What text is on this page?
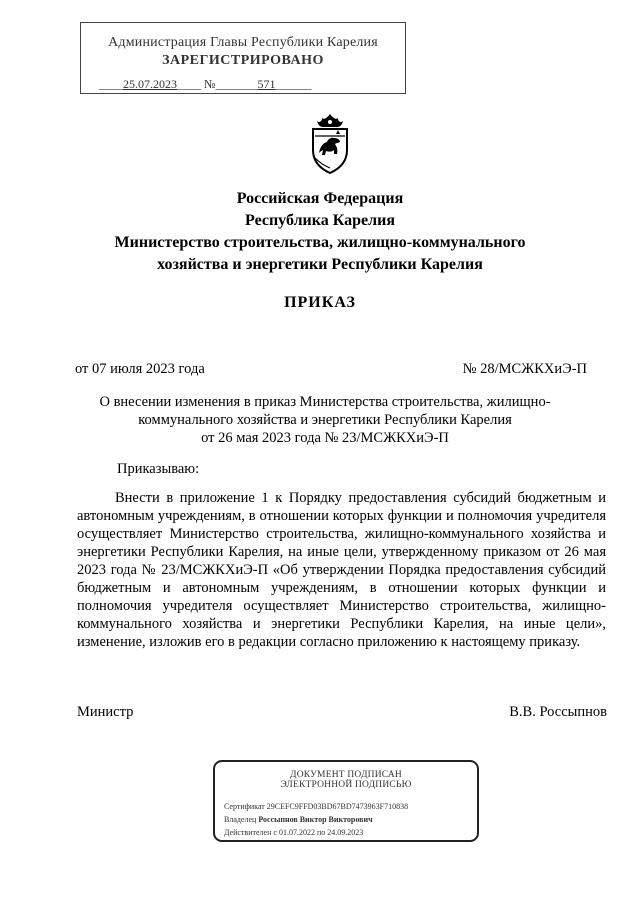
Администрация Главы Республики Карелия
ЗАРЕГИСТРИРОВАНО
____25.07.2023____ №_______571______
Российская Федерация
Республика Карелия
Министерство строительства, жилищно-коммунального
хозяйства и энергетики Республики Карелия
ПРИКАЗ
от 07 июля 2023 года	№ 28/МСЖКХиЭ-П
О внесении изменения в приказ Министерства строительства, жилищно-
коммунального хозяйства и энергетики Республики Карелия
от 26 мая 2023 года № 23/МСЖКХиЭ-П
Приказываю:
Внести в приложение 1 к Порядку предоставления субсидий бюджетным и автономным учреждениям, в отношении которых функции и полномочия учредителя осуществляет Министерство строительства, жилищно-коммунального хозяйства и энергетики Республики Карелия, на иные цели, утвержденному приказом от 26 мая 2023 года № 23/МСЖКХиЭ-П «Об утверждении Порядка предоставления субсидий бюджетным и автономным учреждениям, в отношении которых функции и полномочия учредителя осуществляет Министерство строительства, жилищно-коммунального хозяйства и энергетики Республики Карелия, на иные цели», изменение, изложив его в редакции согласно приложению к настоящему приказу.
Министр	В.В. Россыпнов
ДОКУМЕНТ ПОДПИСАН
ЭЛЕКТРОННОЙ ПОДПИСЬЮ
Сертификат 29CEFC9FFD03BD67BD7473963F710838
Владелец Россыпнов Виктор Викторович
Действителен с 01.07.2022 по 24.09.2023
